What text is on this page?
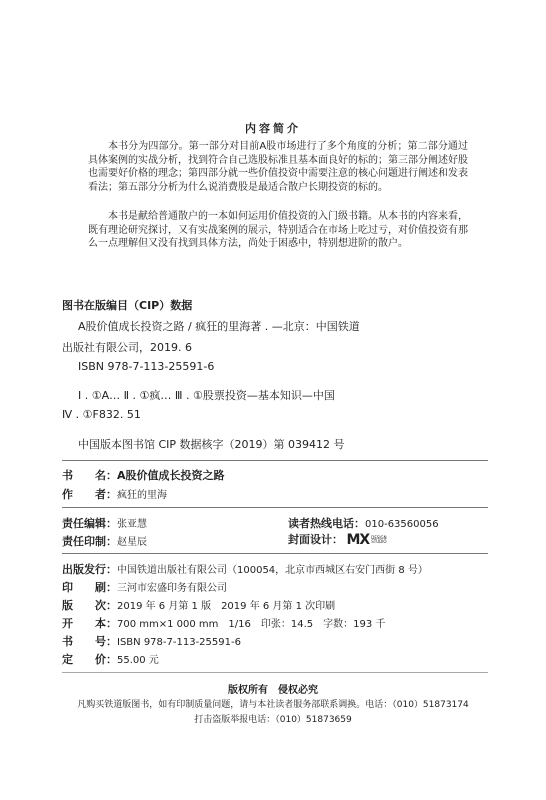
内容简介

本书分为四部分。第一部分对目前A股市场进行了多个角度的分析；第二部分通过具体案例的实战分析，找到符合自己选股标准且基本面良好的标的；第三部分阐述好股也需要好价格的理念；第四部分就一些价值投资中需要注意的核心问题进行阐述和发表看法；第五部分分析为什么说消费股是最适合散户长期投资的标的。

本书是献给普通散户的一本如何运用价值投资的入门级书籍。从本书的内容来看，既有理论研究探讨，又有实战案例的展示，特别适合在市场上吃过亏，对价值投资有那么一点理解但又没有找到具体方法，尚处于困惑中，特别想进阶的散户。

图书在版编目（CIP）数据
A股价值成长投资之路 / 疯狂的里海著 . —北京：中国铁道
出版社有限公司，2019. 6
ISBN 978-7-113-25591-6
Ⅰ . ①A… Ⅱ . ①疯… Ⅲ . ①股票投资—基本知识—中国
Ⅳ . ①F832. 51
中国版本图书馆 CIP 数据核字（2019）第 039412 号
书　　名：A股价值成长投资之路
作　　者：疯狂的里海
责任编辑：张亚慧	读者热线电话：010-63560056
责任印制：赵星辰	封面设计： MX DESIGN
STUDIO
出版发行：中国铁道出版社有限公司（100054，北京市西城区右安门西街 8 号）
印　　刷：三河市宏盛印务有限公司
版　　次：2019 年 6 月第 1 版　2019 年 6 月第 1 次印刷
开　　本：700 mm×1 000 mm　1/16　印张：14.5　字数：193 千
书　　号：ISBN 978-7-113-25591-6
定　　价：55.00 元
版权所有　侵权必究
凡购买铁道版图书，如有印制质量问题，请与本社读者服务部联系调换。电话：（010）51873174
打击盗版举报电话：（010）51873659
